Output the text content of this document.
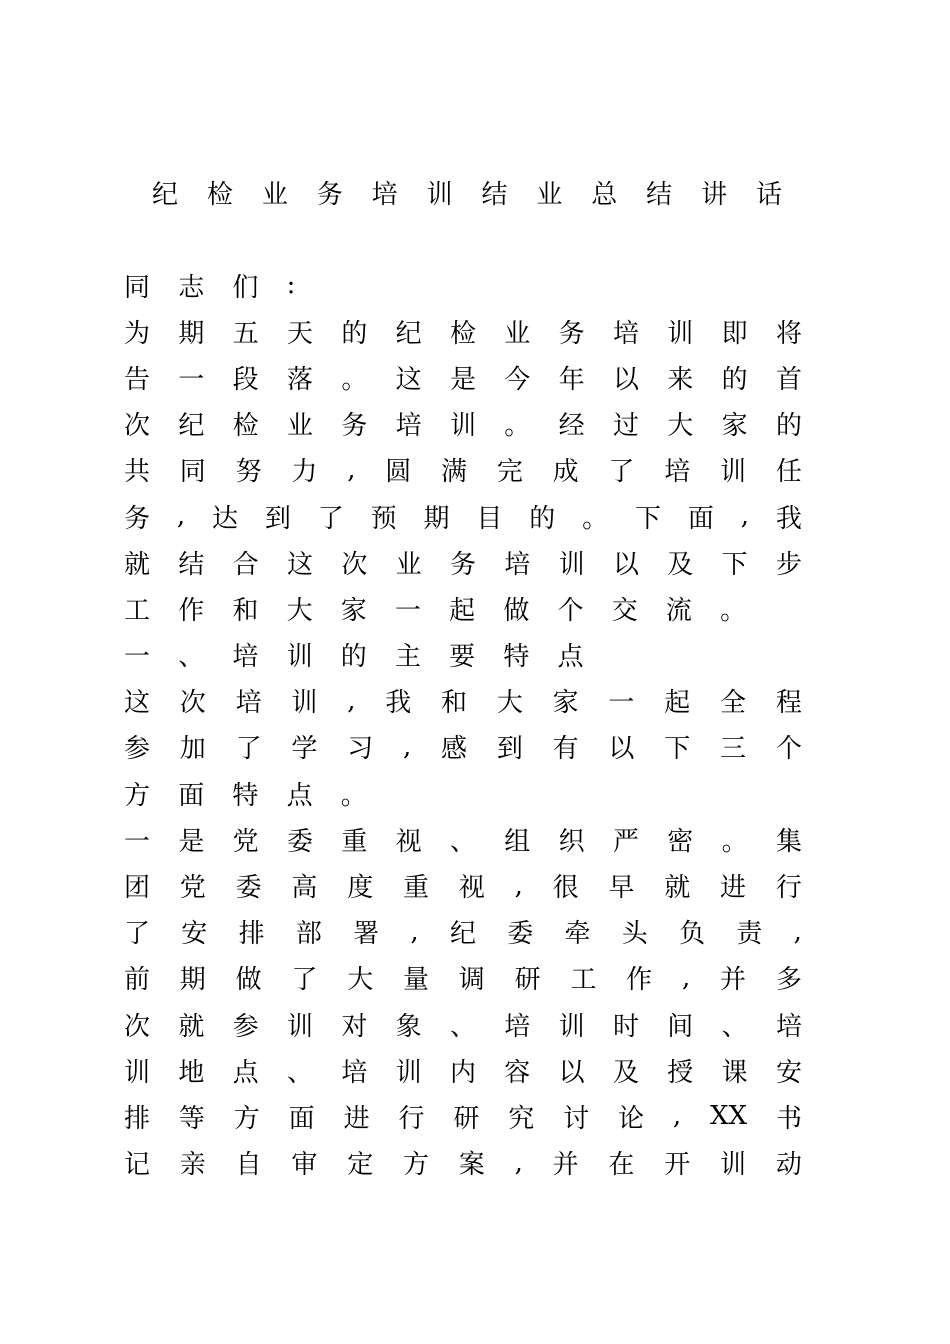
纪 检 业 务 培 训 结 业 总 结 讲 话
同	志	们	:
为 期 五 天 的 纪 检 业 务 培 训 即 将
告 一 段 落 。 这 是 今 年 以 来 的 首
次 纪 检 业 务 培 训 。 经 过 大 家 的
共 同 努 力 , 圆 满 完 成 了 培 训 任
务 , 达 到 了 预 期 目 的 。 下 面 , 我
就 结 合 这 次 业 务 培 训 以 及 下 步
工	作	和	大	家	一	起	做	个	交	流	。
一	、	培	训	的	主	要	特	点
这 次 培 训 , 我 和 大 家 一 起 全 程
参 加 了 学 习 , 感 到 有 以 下 三 个
方	面	特	点	。
一 是 党 委 重 视 、 组 织 严 密 。 集
团 党 委 高 度 重 视 , 很 早 就 进 行
了 安 排 部 署 , 纪 委 牵 头 负 责 ,
前 期 做 了 大 量 调 研 工 作 , 并 多
次 就 参 训 对 象 、 培 训 时 间 、 培
训 地 点 、 培 训 内 容 以 及 授 课 安
排 等 方 面 进 行 研 究 讨 论 , XX 书
记 亲 自 审 定 方 案 , 并 在 开 训 动
